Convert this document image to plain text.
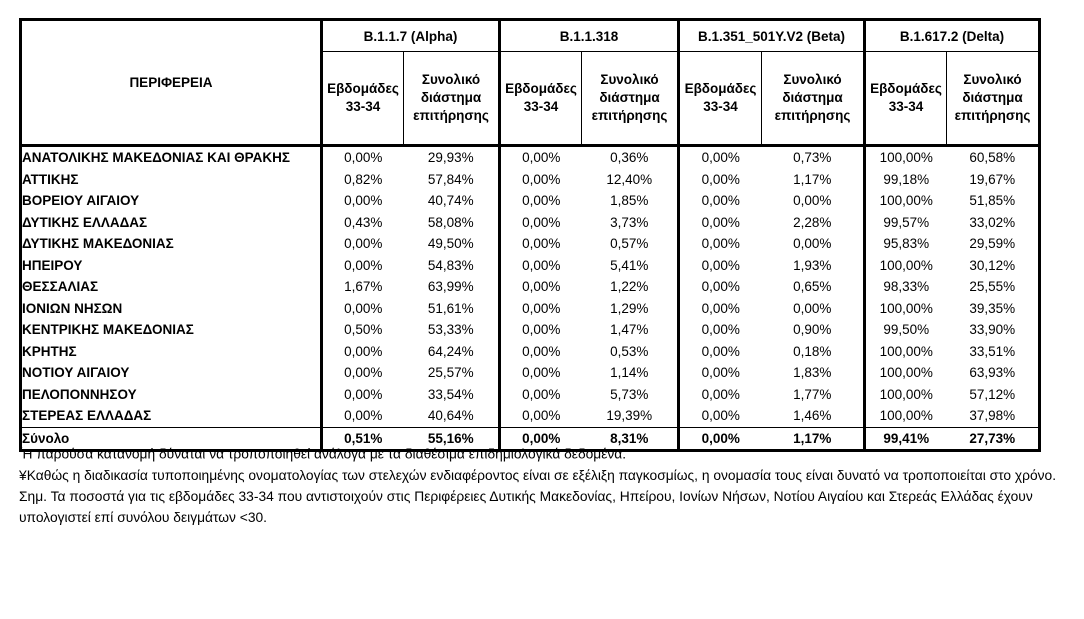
ΠΕΡΙΦΕΡΕΙΑ	B.1.1.7 (Alpha)		B.1.1.318		B.1.351_501Y.V2 (Beta)		B.1.617.2 (Delta)	
	Εβδομάδες 33-34	Συνολικό διάστημα επιτήρησης	Εβδομάδες 33-34	Συνολικό διάστημα επιτήρησης	Εβδομάδες 33-34	Συνολικό διάστημα επιτήρησης	Εβδομάδες 33-34	Συνολικό διάστημα επιτήρησης
ΑΝΑΤΟΛΙΚΗΣ ΜΑΚΕΔΟΝΙΑΣ ΚΑΙ ΘΡΑΚΗΣ	0,00%	29,93%	0,00%	0,36%	0,00%	0,73%	100,00%	60,58%
ΑΤΤΙΚΗΣ	0,82%	57,84%	0,00%	12,40%	0,00%	1,17%	99,18%	19,67%
ΒΟΡΕΙΟΥ ΑΙΓΑΙΟΥ	0,00%	40,74%	0,00%	1,85%	0,00%	0,00%	100,00%	51,85%
ΔΥΤΙΚΗΣ ΕΛΛΑΔΑΣ	0,43%	58,08%	0,00%	3,73%	0,00%	2,28%	99,57%	33,02%
ΔΥΤΙΚΗΣ ΜΑΚΕΔΟΝΙΑΣ	0,00%	49,50%	0,00%	0,57%	0,00%	0,00%	95,83%	29,59%
ΗΠΕΙΡΟΥ	0,00%	54,83%	0,00%	5,41%	0,00%	1,93%	100,00%	30,12%
ΘΕΣΣΑΛΙΑΣ	1,67%	63,99%	0,00%	1,22%	0,00%	0,65%	98,33%	25,55%
ΙΟΝΙΩΝ ΝΗΣΩΝ	0,00%	51,61%	0,00%	1,29%	0,00%	0,00%	100,00%	39,35%
ΚΕΝΤΡΙΚΗΣ ΜΑΚΕΔΟΝΙΑΣ	0,50%	53,33%	0,00%	1,47%	0,00%	0,90%	99,50%	33,90%
ΚΡΗΤΗΣ	0,00%	64,24%	0,00%	0,53%	0,00%	0,18%	100,00%	33,51%
ΝΟΤΙΟΥ ΑΙΓΑΙΟΥ	0,00%	25,57%	0,00%	1,14%	0,00%	1,83%	100,00%	63,93%
ΠΕΛΟΠΟΝΝΗΣΟΥ	0,00%	33,54%	0,00%	5,73%	0,00%	1,77%	100,00%	57,12%
ΣΤΕΡΕΑΣ ΕΛΛΑΔΑΣ	0,00%	40,64%	0,00%	19,39%	0,00%	1,46%	100,00%	37,98%
Σύνολο	0,51%	55,16%	0,00%	8,31%	0,00%	1,17%	99,41%	27,73%

*Η παρούσα κατανομή δύναται να τροποποιηθεί ανάλογα με τα διαθέσιμα επιδημιολογικά δεδομένα.

¥Καθώς η διαδικασία τυποποιημένης ονοματολογίας των στελεχών ενδιαφέροντος είναι σε εξέλιξη παγκοσμίως, η ονομασία τους είναι δυνατό να τροποποιείται στο χρόνο.

Σημ. Τα ποσοστά για τις εβδομάδες 33-34 που αντιστοιχούν στις Περιφέρειες Δυτικής Μακεδονίας, Ηπείρου, Ιονίων Νήσων, Νοτίου Αιγαίου και Στερεάς Ελλάδας έχουν υπολογιστεί επί συνόλου δειγμάτων <30.
